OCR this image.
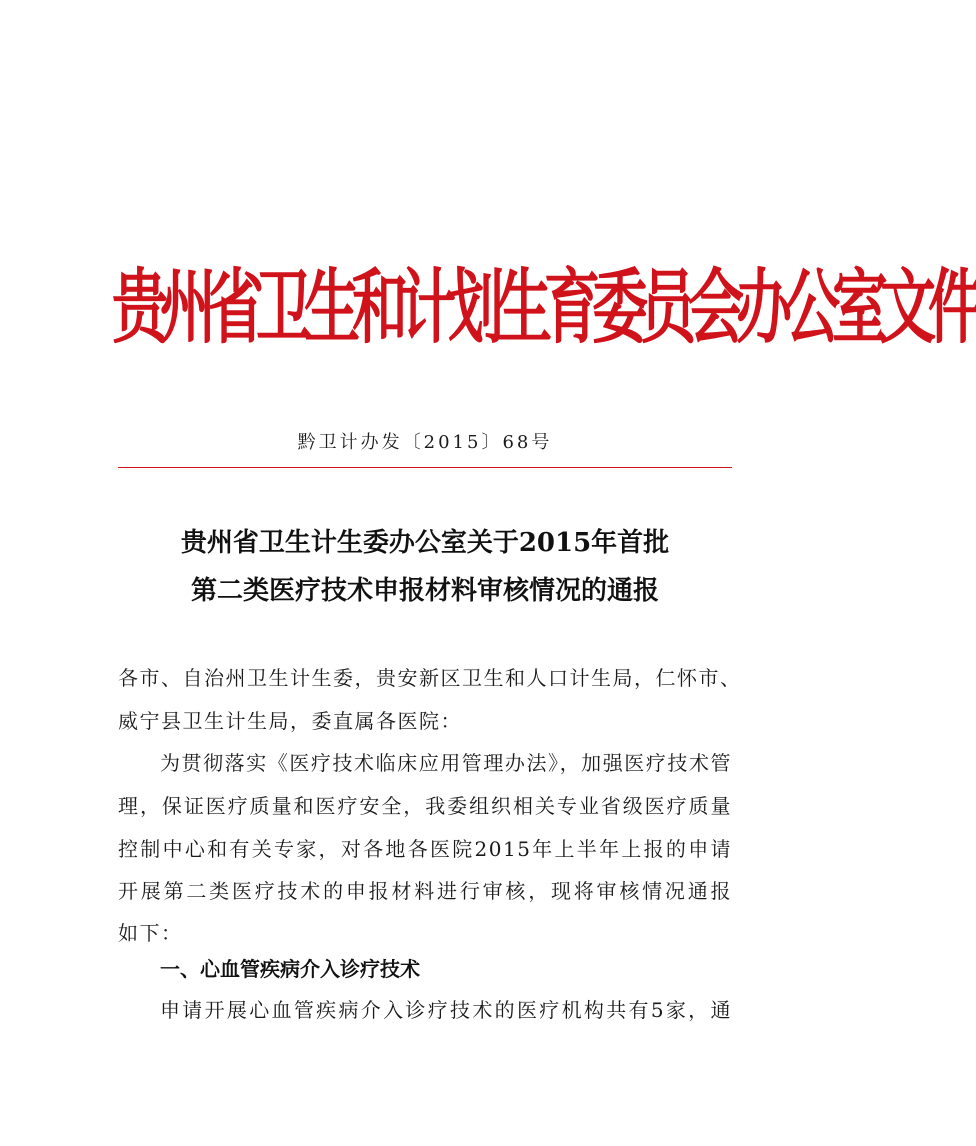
贵州省卫生和计划生育委员会办公室文件
黔卫计办发〔2015〕68号
贵州省卫生计生委办公室关于2015年首批
第二类医疗技术申报材料审核情况的通报
各市、自治州卫生计生委，贵安新区卫生和人口计生局，仁怀市、
威宁县卫生计生局，委直属各医院：
为贯彻落实《医疗技术临床应用管理办法》，加强医疗技术管
理，保证医疗质量和医疗安全，我委组织相关专业省级医疗质量
控制中心和有关专家，对各地各医院2015年上半年上报的申请
开展第二类医疗技术的申报材料进行审核，现将审核情况通报
如下：
一、心血管疾病介入诊疗技术
申请开展心血管疾病介入诊疗技术的医疗机构共有5家，通
